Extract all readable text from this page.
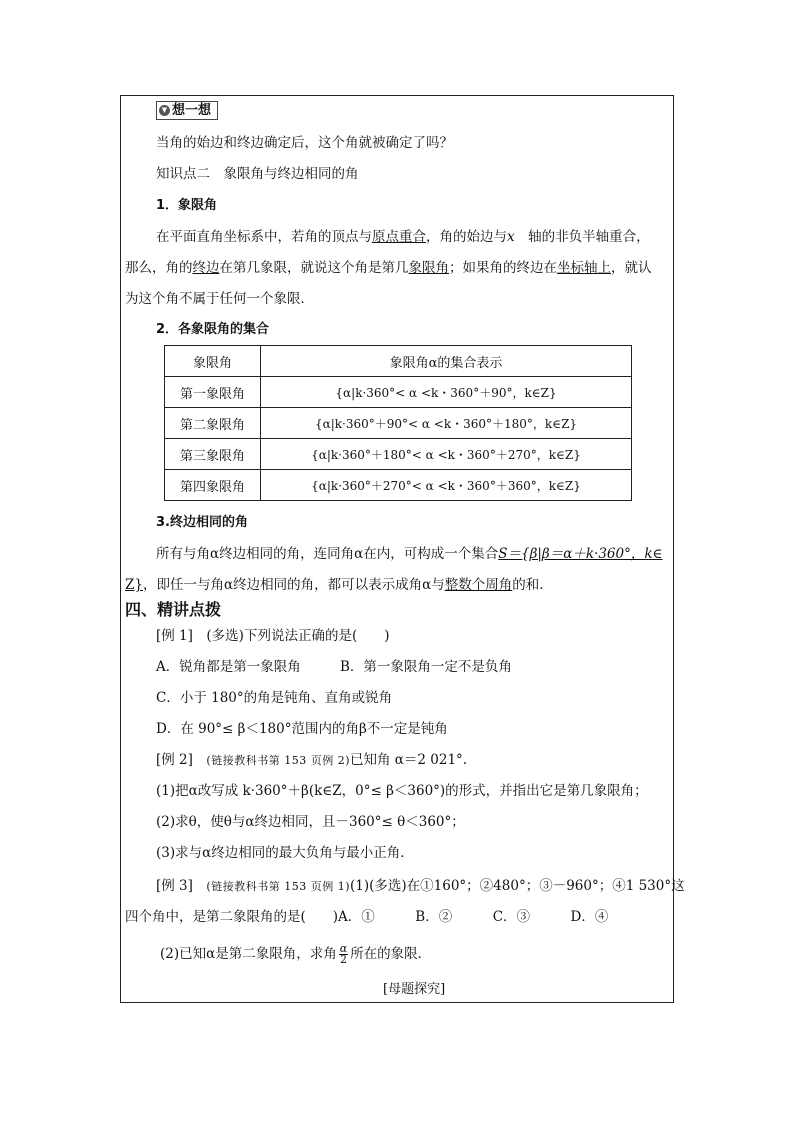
▼ 想一想
当角的始边和终边确定后，这个角就被确定了吗？
知识点二　象限角与终边相同的角
1．象限角
在平面直角坐标系中，若角的顶点与原点重合，角的始边与x　轴的非负半轴重合，
那么，角的终边在第几象限，就说这个角是第几象限角；如果角的终边在坐标轴上，就认
为这个角不属于任何一个象限．
2．各象限角的集合
象限角	象限角α的集合表示
第一象限角	{α|k·360°< α <k・360°＋90°，k∈Z}
第二象限角	{α|k·360°＋90°< α <k・360°＋180°，k∈Z}
第三象限角	{α|k·360°＋180°< α <k・360°＋270°，k∈Z}
第四象限角	{α|k·360°＋270°< α <k・360°＋360°，k∈Z}
3.终边相同的角
所有与角α终边相同的角，连同角α在内，可构成一个集合S＝{β|β＝α＋k·360°，k∈
Z}，即任一与角α终边相同的角，都可以表示成角α与整数个周角的和．
四、精讲点拨
[例 1]　(多选)下列说法正确的是(　　)
A．锐角都是第一象限角	B．第一象限角一定不是负角
C．小于 180°的角是钝角、直角或锐角
D．在 90°≤ β＜180°范围内的角β不一定是钝角
[例 2]　(链接教科书第 153 页例 2)已知角 α＝2 021°.
(1)把α改写成 k·360°＋β(k∈Z，0°≤ β＜360°)的形式，并指出它是第几象限角；
(2)求θ，使θ与α终边相同，且－360°≤ θ＜360°；
(3)求与α终边相同的最大负角与最小正角．
[例 3]　(链接教科书第 153 页例 1)(1)(多选)在①160°；②480°；③－960°；④1 530°这
四个角中，是第二象限角的是(　　)A．①　　　B．②　　　C．③　　　D．④
(2)已知α是第二象限角，求角 $\frac{\alpha}{2}$ 所在的象限．
[母题探究]
